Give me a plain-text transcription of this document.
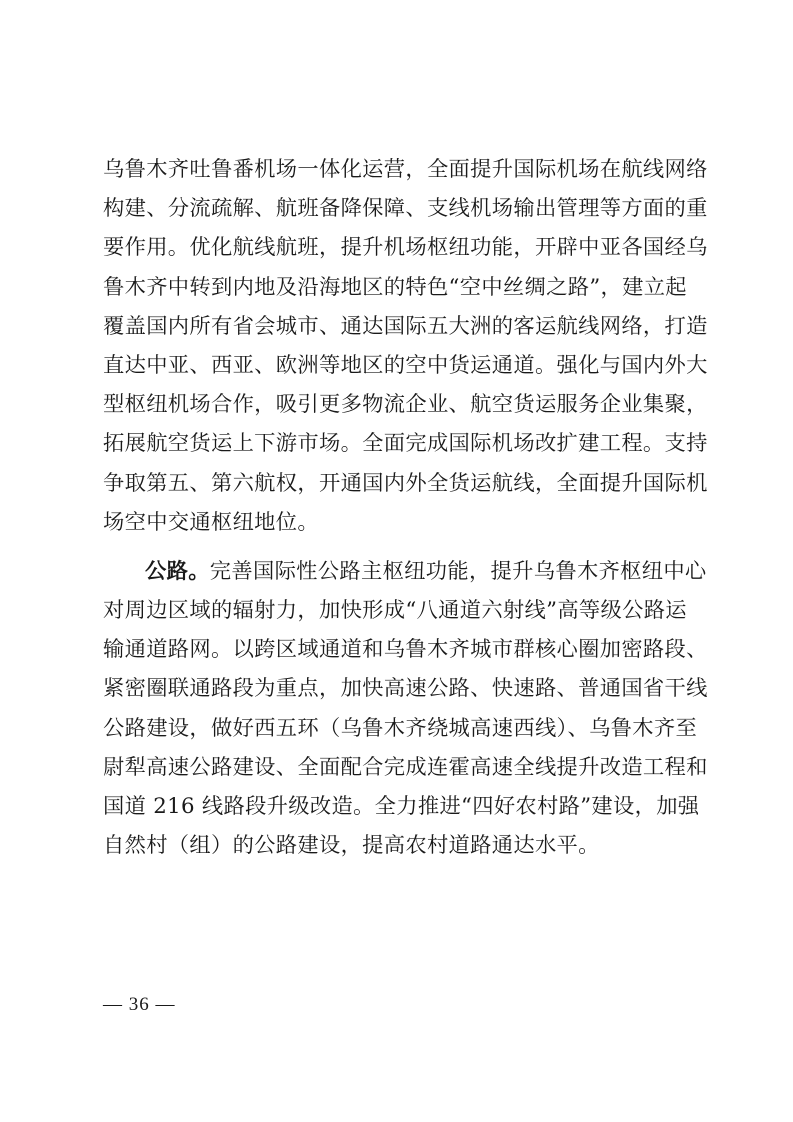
乌鲁木齐吐鲁番机场一体化运营，全面提升国际机场在航线网络
构建、分流疏解、航班备降保障、支线机场输出管理等方面的重
要作用。优化航线航班，提升机场枢纽功能，开辟中亚各国经乌
鲁木齐中转到内地及沿海地区的特色“空中丝绸之路”，建立起
覆盖国内所有省会城市、通达国际五大洲的客运航线网络，打造
直达中亚、西亚、欧洲等地区的空中货运通道。强化与国内外大
型枢纽机场合作，吸引更多物流企业、航空货运服务企业集聚，
拓展航空货运上下游市场。全面完成国际机场改扩建工程。支持
争取第五、第六航权，开通国内外全货运航线，全面提升国际机
场空中交通枢纽地位。
公路。完善国际性公路主枢纽功能，提升乌鲁木齐枢纽中心
对周边区域的辐射力，加快形成“八通道六射线”高等级公路运
输通道路网。以跨区域通道和乌鲁木齐城市群核心圈加密路段、
紧密圈联通路段为重点，加快高速公路、快速路、普通国省干线
公路建设，做好西五环（乌鲁木齐绕城高速西线）、乌鲁木齐至
尉犁高速公路建设、全面配合完成连霍高速全线提升改造工程和
国道 216 线路段升级改造。全力推进“四好农村路”建设，加强
自然村（组）的公路建设，提高农村道路通达水平。
— 36 —
